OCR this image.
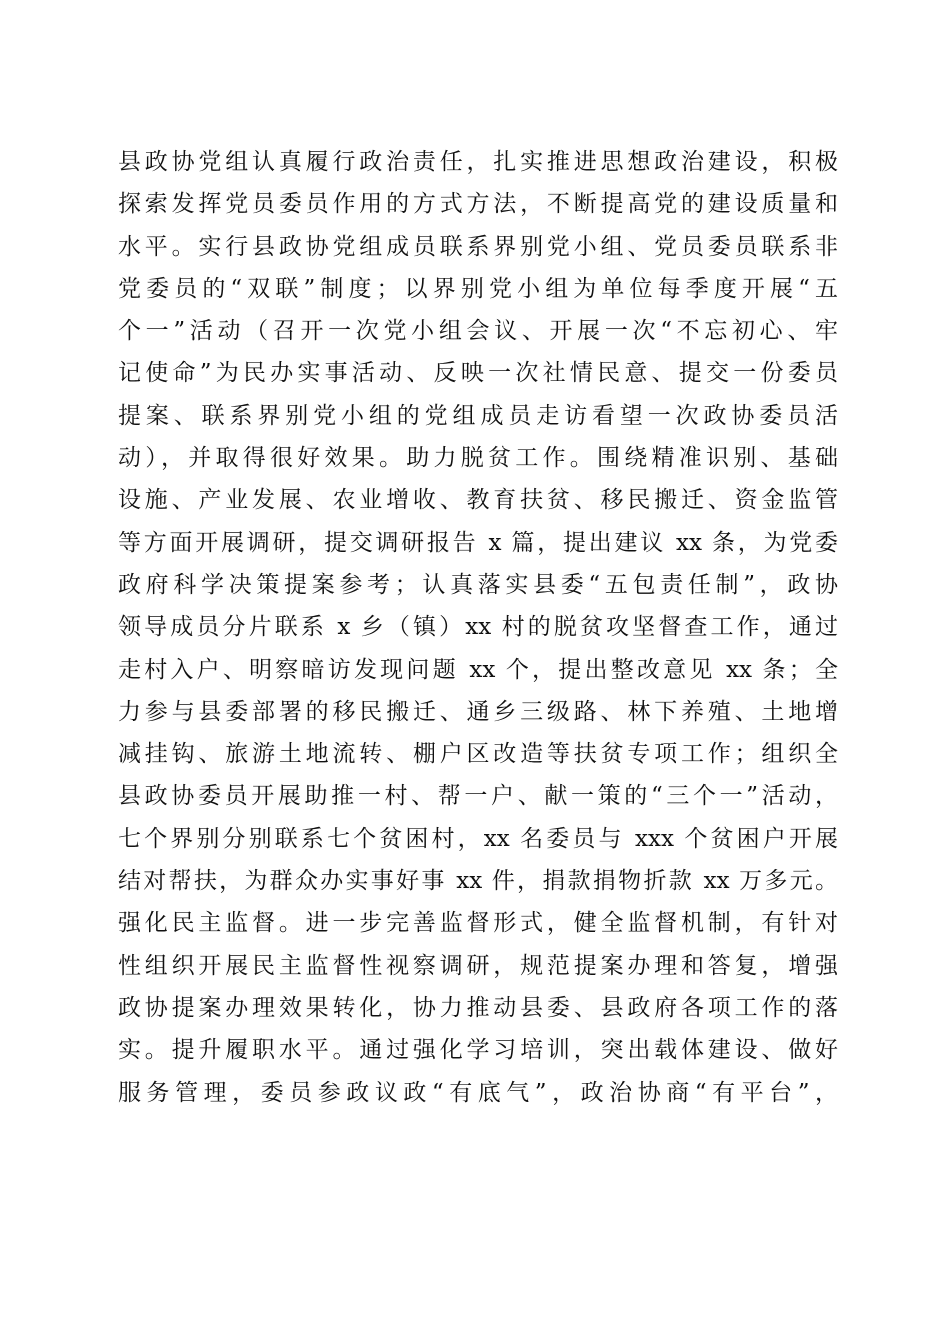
县政协党组认真履行政治责任，扎实推进思想政治建设，积极
探索发挥党员委员作用的方式方法，不断提高党的建设质量和
水平。实行县政协党组成员联系界别党小组、党员委员联系非
党委员的“双联”制度；以界别党小组为单位每季度开展“五
个一”活动（召开一次党小组会议、开展一次“不忘初心、牢
记使命”为民办实事活动、反映一次社情民意、提交一份委员
提案、联系界别党小组的党组成员走访看望一次政协委员活
动），并取得很好效果。助力脱贫工作。围绕精准识别、基础
设施、产业发展、农业增收、教育扶贫、移民搬迁、资金监管
等方面开展调研，提交调研报告 x 篇，提出建议 xx 条，为党委
政府科学决策提案参考；认真落实县委“五包责任制”，政协
领导成员分片联系 x 乡（镇）xx 村的脱贫攻坚督查工作，通过
走村入户、明察暗访发现问题 xx 个，提出整改意见 xx 条；全
力参与县委部署的移民搬迁、通乡三级路、林下养殖、土地增
减挂钩、旅游土地流转、棚户区改造等扶贫专项工作；组织全
县政协委员开展助推一村、帮一户、献一策的“三个一”活动，
七个界别分别联系七个贫困村，xx 名委员与 xxx 个贫困户开展
结对帮扶，为群众办实事好事 xx 件，捐款捐物折款 xx 万多元。
强化民主监督。进一步完善监督形式，健全监督机制，有针对
性组织开展民主监督性视察调研，规范提案办理和答复，增强
政协提案办理效果转化，协力推动县委、县政府各项工作的落
实。提升履职水平。通过强化学习培训，突出载体建设、做好
服务管理，委员参政议政“有底气”，政治协商“有平台”，
